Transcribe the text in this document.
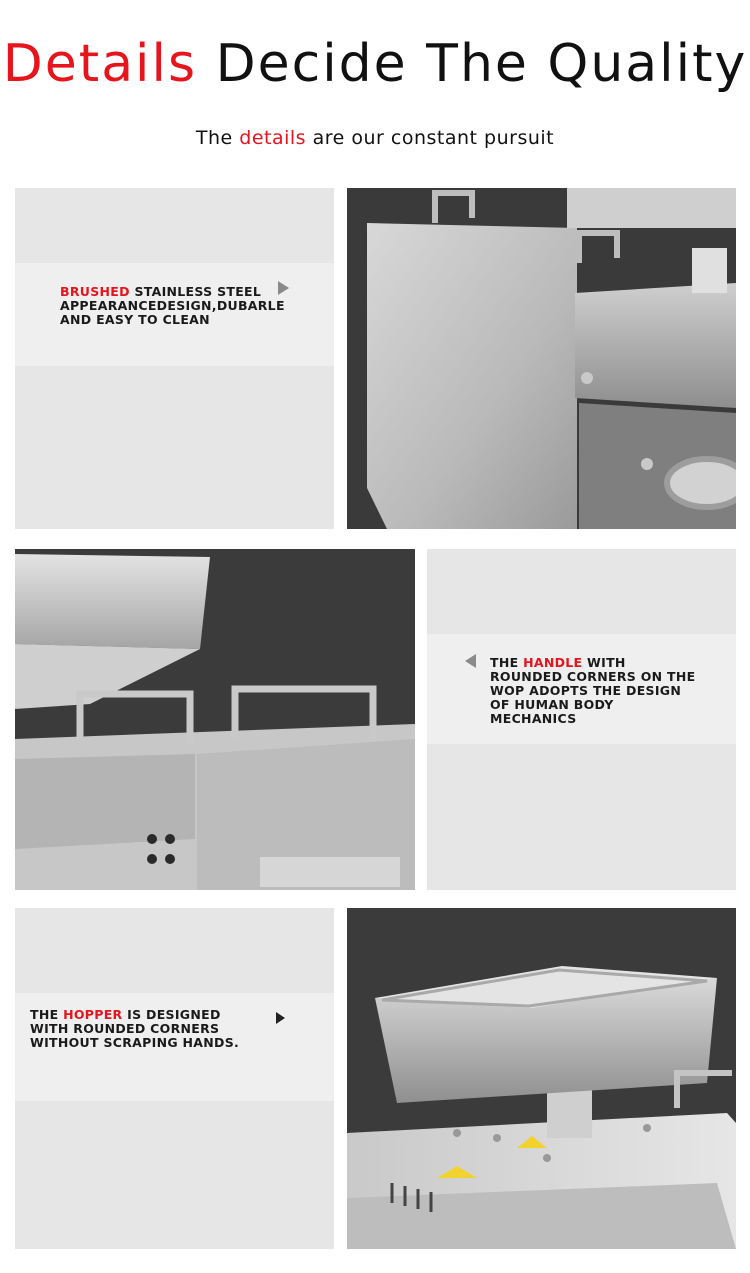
Details Decide The Quality
The details are our constant pursuit
BRUSHED STAINLESS STEEL APPEARANCEDESIGN,DUBARLE AND EASY TO CLEAN
THE HANDLE WITH ROUNDED CORNERS ON THE WOP ADOPTS THE DESIGN OF HUMAN BODY MECHANICS
THE HOPPER IS DESIGNED WITH ROUNDED CORNERS WITHOUT SCRAPING HANDS.
